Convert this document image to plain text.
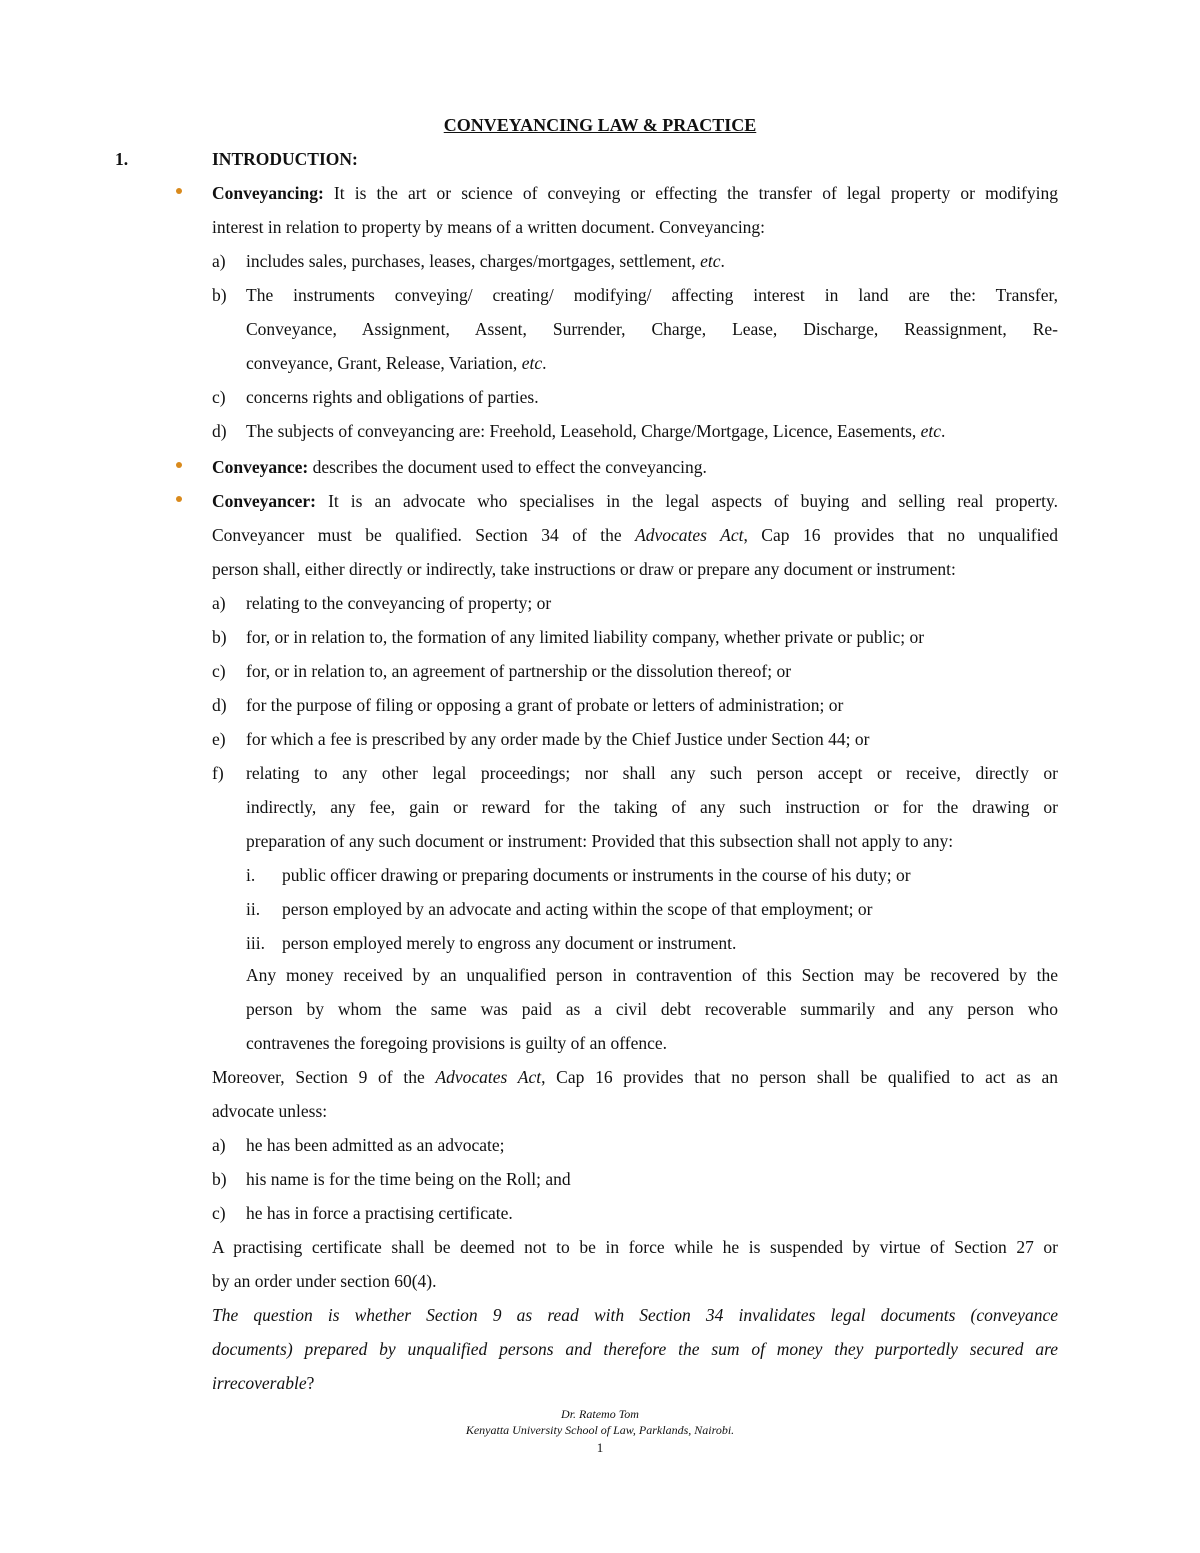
CONVEYANCING LAW & PRACTICE
1.	INTRODUCTION:
Conveyancing: It is the art or science of conveying or effecting the transfer of legal property or modifying
interest in relation to property by means of a written document. Conveyancing:
a) includes sales, purchases, leases, charges/mortgages, settlement, etc.
b) The instruments conveying/ creating/ modifying/ affecting interest in land are the: Transfer,
Conveyance, Assignment, Assent, Surrender, Charge, Lease, Discharge, Reassignment, Re-
conveyance, Grant, Release, Variation, etc.
c) concerns rights and obligations of parties.
d) The subjects of conveyancing are: Freehold, Leasehold, Charge/Mortgage, Licence, Easements, etc.
Conveyance: describes the document used to effect the conveyancing.
Conveyancer: It is an advocate who specialises in the legal aspects of buying and selling real property.
Conveyancer must be qualified. Section 34 of the Advocates Act, Cap 16 provides that no unqualified
person shall, either directly or indirectly, take instructions or draw or prepare any document or instrument:
a) relating to the conveyancing of property; or
b) for, or in relation to, the formation of any limited liability company, whether private or public; or
c) for, or in relation to, an agreement of partnership or the dissolution thereof; or
d) for the purpose of filing or opposing a grant of probate or letters of administration; or
e) for which a fee is prescribed by any order made by the Chief Justice under Section 44; or
f) relating to any other legal proceedings; nor shall any such person accept or receive, directly or
indirectly, any fee, gain or reward for the taking of any such instruction or for the drawing or
preparation of any such document or instrument: Provided that this subsection shall not apply to any:
i. public officer drawing or preparing documents or instruments in the course of his duty; or
ii. person employed by an advocate and acting within the scope of that employment; or
iii. person employed merely to engross any document or instrument.
Any money received by an unqualified person in contravention of this Section may be recovered by the
person by whom the same was paid as a civil debt recoverable summarily and any person who
contravenes the foregoing provisions is guilty of an offence.
Moreover, Section 9 of the Advocates Act, Cap 16 provides that no person shall be qualified to act as an
advocate unless:
a) he has been admitted as an advocate;
b) his name is for the time being on the Roll; and
c) he has in force a practising certificate.
A practising certificate shall be deemed not to be in force while he is suspended by virtue of Section 27 or
by an order under section 60(4).
The question is whether Section 9 as read with Section 34 invalidates legal documents (conveyance
documents) prepared by unqualified persons and therefore the sum of money they purportedly secured are
irrecoverable?
Dr. Ratemo Tom
Kenyatta University School of Law, Parklands, Nairobi.
1
